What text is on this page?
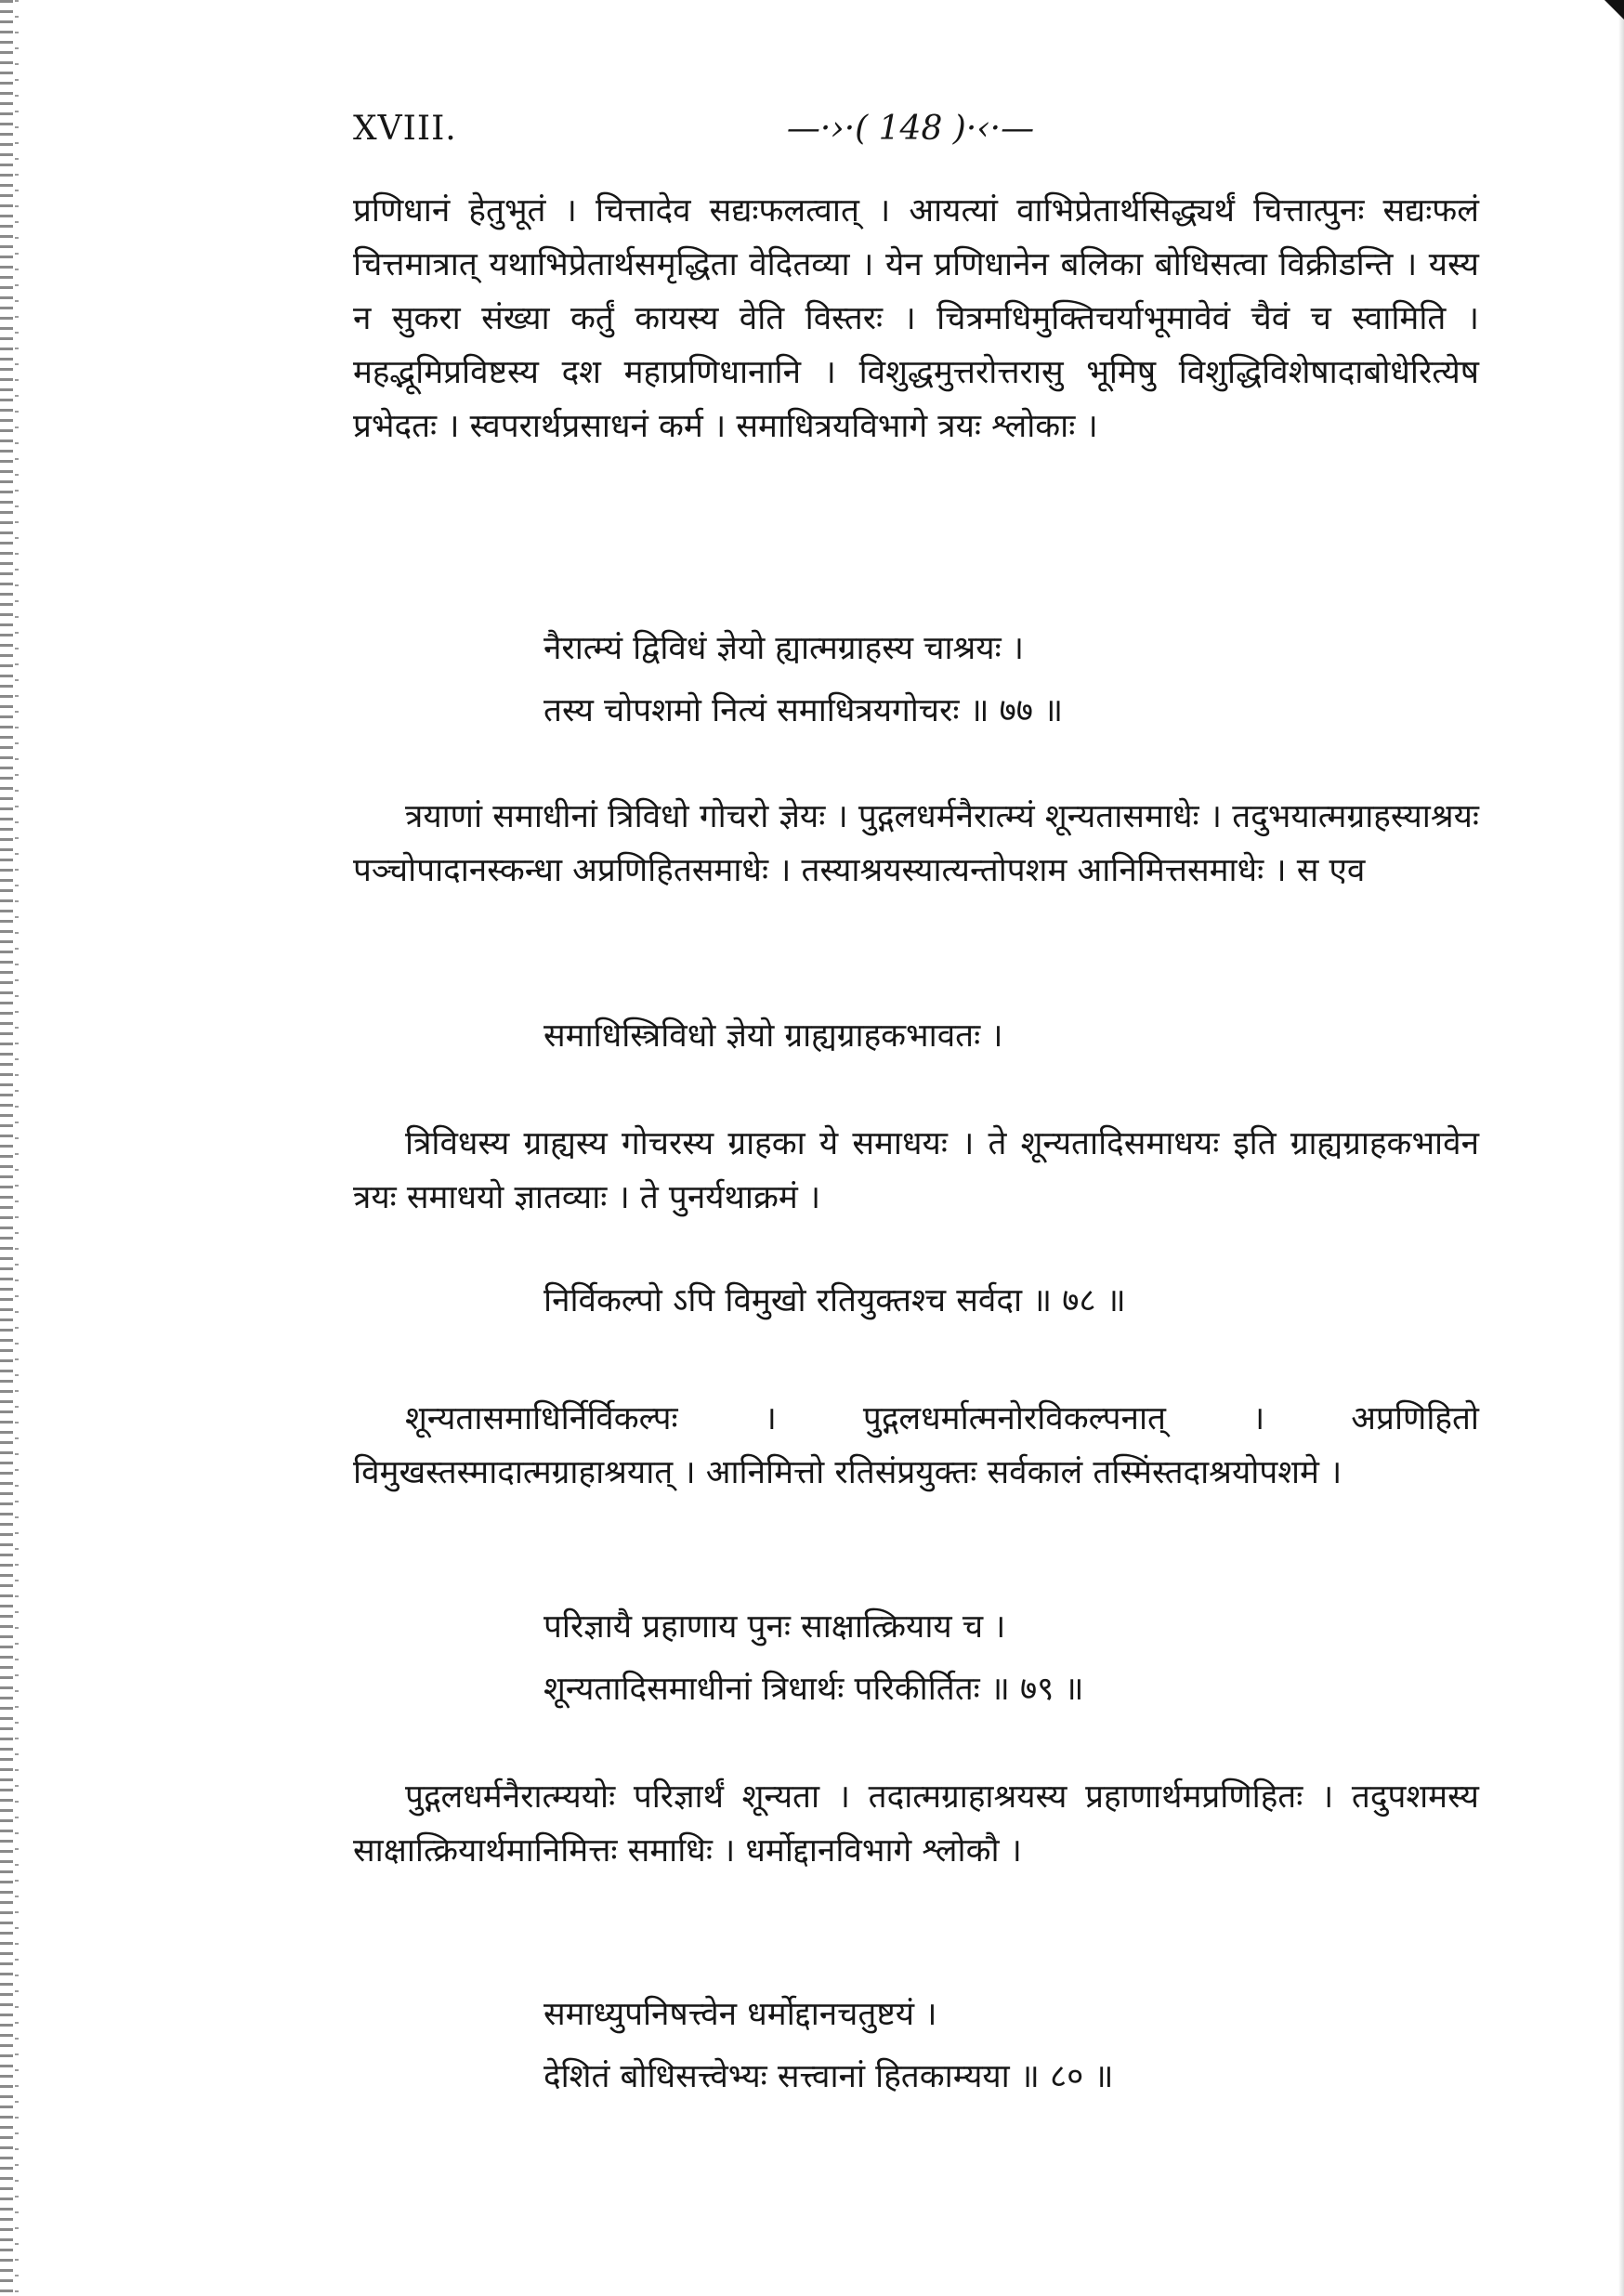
XVIII.	—·›·( 148 )·‹·—

प्रणिधानं हेतुभूतं । चित्तादेव सद्यःफलत्वात् । आयत्यां वाभिप्रेतार्थसिद्ध्यर्थं चित्तात्पुनः सद्यःफलं चित्तमात्रात् यथाभिप्रेतार्थसमृद्धिता वेदितव्या । येन प्रणिधानेन बलिका बोधिसत्वा विक्रीडन्ति । यस्य न सुकरा संख्या कर्तुं कायस्य वेति विस्तरः । चित्रमधिमुक्तिचर्याभूमावेवं चैवं च स्वामिति । महद्भूमिप्रविष्टस्य दश महाप्रणिधानानि । विशुद्धमुत्तरोत्तरासु भूमिषु विशुद्धिविशेषादाबोधेरित्येष प्रभेदतः । स्वपरार्थप्रसाधनं कर्म । समाधित्रयविभागे त्रयः श्लोकाः ।

नैरात्म्यं द्विविधं ज्ञेयो ह्यात्मग्राहस्य चाश्रयः ।
तस्य चोपशमो नित्यं समाधित्रयगोचरः ॥ ७७ ॥

त्रयाणां समाधीनां त्रिविधो गोचरो ज्ञेयः । पुद्गलधर्मनैरात्म्यं शून्यतासमाधेः । तदुभयात्मग्राहस्याश्रयः पञ्चोपादानस्कन्धा अप्रणिहितसमाधेः । तस्याश्रयस्यात्यन्तोपशम आनिमित्तसमाधेः । स एव

समाधिस्त्रिविधो ज्ञेयो ग्राह्यग्राहकभावतः ।

त्रिविधस्य ग्राह्यस्य गोचरस्य ग्राहका ये समाधयः । ते शून्यतादिसमाधयः इति ग्राह्यग्राहकभावेन त्रयः समाधयो ज्ञातव्याः । ते पुनर्यथाक्रमं ।

निर्विकल्पो ऽपि विमुखो रतियुक्तश्च सर्वदा ॥ ७८ ॥

शून्यतासमाधिर्निर्विकल्पः । पुद्गलधर्मात्मनोरविकल्पनात् । अप्रणिहितो विमुखस्तस्मादात्मग्राहाश्रयात् । आनिमित्तो रतिसंप्रयुक्तः सर्वकालं तस्मिंस्तदाश्रयोपशमे ।

परिज्ञायै प्रहाणाय पुनः साक्षात्क्रियाय च ।
शून्यतादिसमाधीनां त्रिधार्थः परिकीर्तितः ॥ ७९ ॥

पुद्गलधर्मनैरात्म्ययोः परिज्ञार्थं शून्यता । तदात्मग्राहाश्रयस्य प्रहाणार्थमप्रणिहितः । तदुपशमस्य साक्षात्क्रियार्थमानिमित्तः समाधिः । धर्मोद्दानविभागे श्लोकौ ।

समाध्युपनिषत्त्वेन धर्मोद्दानचतुष्टयं ।
देशितं बोधिसत्त्वेभ्यः सत्त्वानां हितकाम्यया ॥ ८० ॥
